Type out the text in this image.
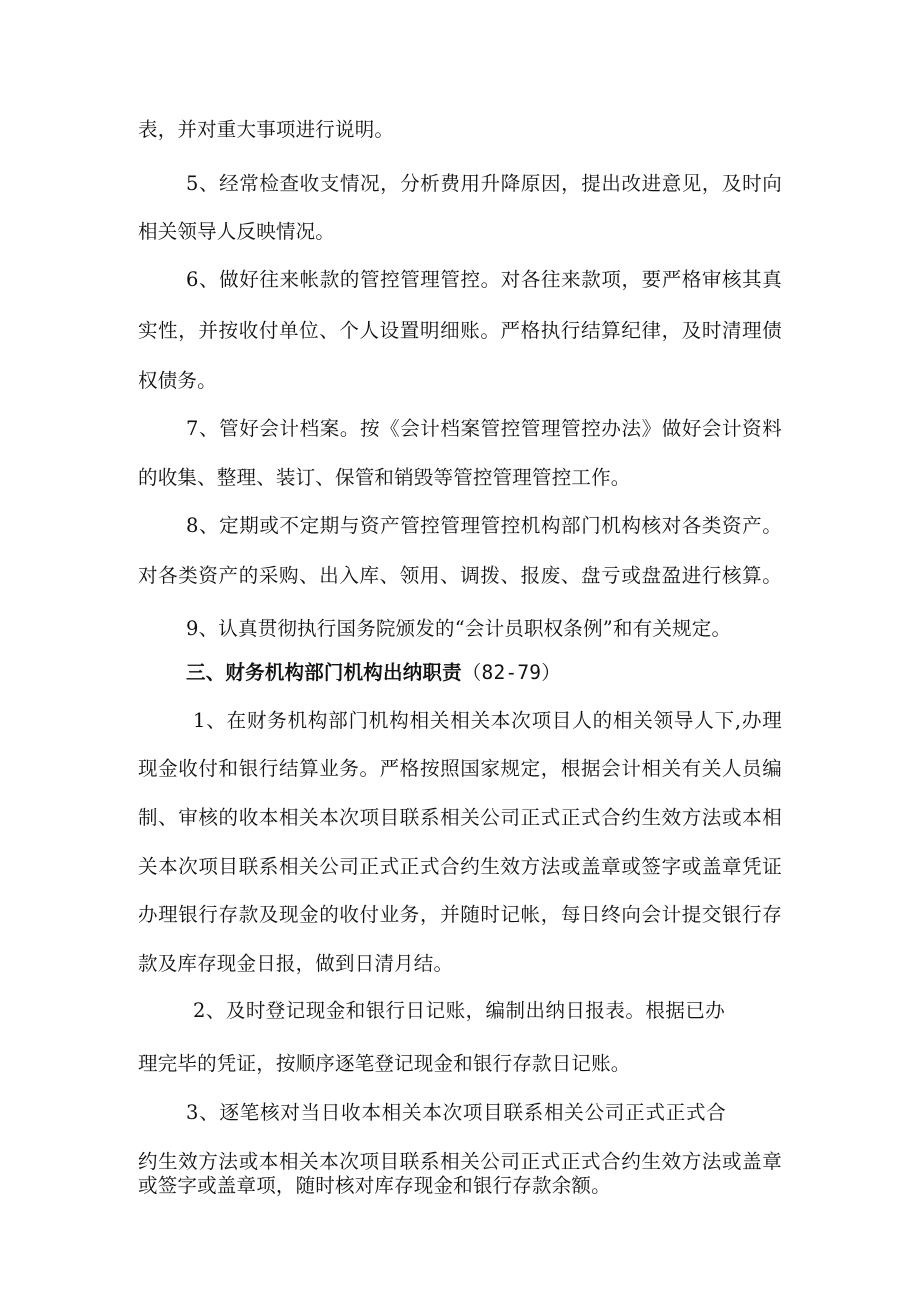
表，并对重大事项进行说明。
5、经常检查收支情况，分析费用升降原因，提出改进意见，及时向
相关领导人反映情况。
6、做好往来帐款的管控管理管控。对各往来款项，要严格审核其真
实性，并按收付单位、个人设置明细账。严格执行结算纪律，及时清理债
权债务。
7、管好会计档案。按《会计档案管控管理管控办法》做好会计资料
的收集、整理、装订、保管和销毁等管控管理管控工作。
8、定期或不定期与资产管控管理管控机构部门机构核对各类资产。
对各类资产的采购、出入库、领用、调拨、报废、盘亏或盘盈进行核算。
9、认真贯彻执行国务院颁发的“会计员职权条例”和有关规定。
三、财务机构部门机构出纳职责（82-79）
1、在财务机构部门机构相关相关本次项目人的相关领导人下,办理
现金收付和银行结算业务。严格按照国家规定，根据会计相关有关人员编
制、审核的收本相关本次项目联系相关公司正式正式合约生效方法或本相
关本次项目联系相关公司正式正式合约生效方法或盖章或签字或盖章凭证
办理银行存款及现金的收付业务，并随时记帐，每日终向会计提交银行存
款及库存现金日报，做到日清月结。
2、及时登记现金和银行日记账，编制出纳日报表。根据已办
理完毕的凭证，按顺序逐笔登记现金和银行存款日记账。
3、逐笔核对当日收本相关本次项目联系相关公司正式正式合
约生效方法或本相关本次项目联系相关公司正式正式合约生效方法或盖章
或签字或盖章项，随时核对库存现金和银行存款余额。
